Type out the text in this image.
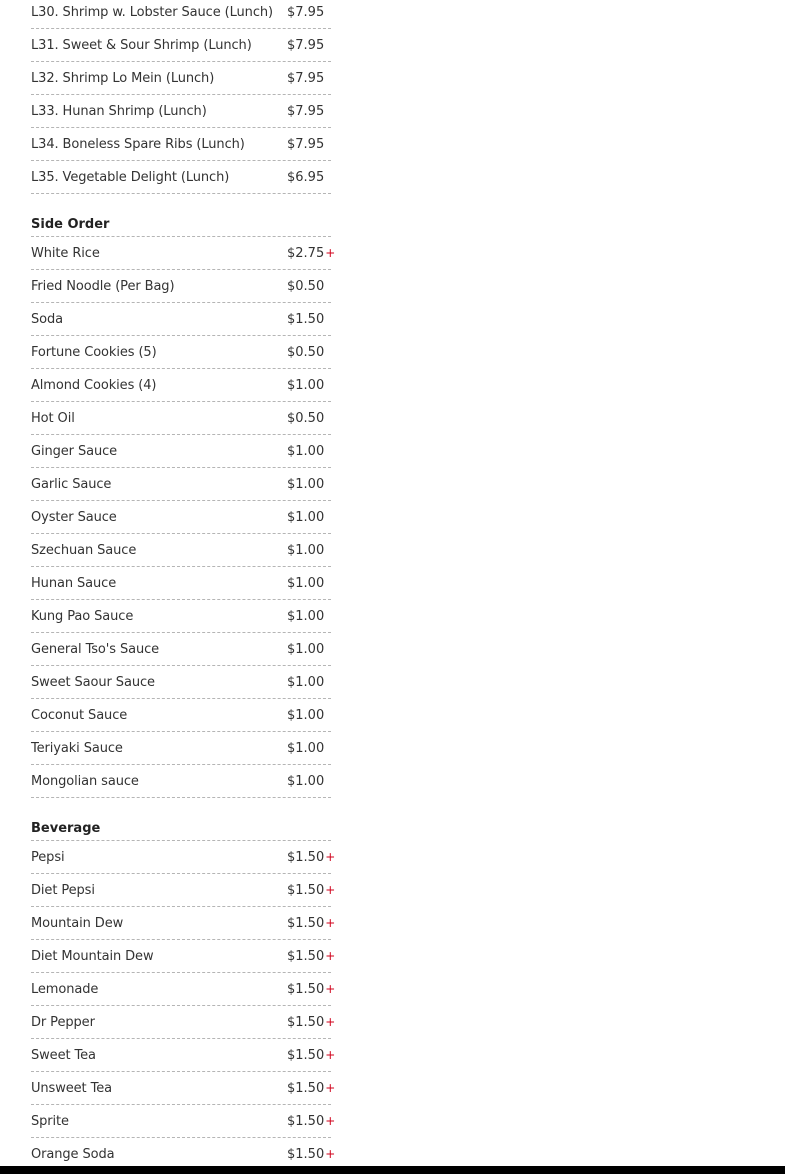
L30. Shrimp w. Lobster Sauce (Lunch) $7.95
L31. Sweet & Sour Shrimp (Lunch)	$7.95
L32. Shrimp Lo Mein (Lunch)	$7.95
L33. Hunan Shrimp (Lunch)	$7.95
L34. Boneless Spare Ribs (Lunch)	$7.95
L35. Vegetable Delight (Lunch)	$6.95
Side Order
White Rice	$2.75 +
Fried Noodle (Per Bag)	$0.50
Soda	$1.50
Fortune Cookies (5)	$0.50
Almond Cookies (4)	$1.00
Hot Oil	$0.50
Ginger Sauce	$1.00
Garlic Sauce	$1.00
Oyster Sauce	$1.00
Szechuan Sauce	$1.00
Hunan Sauce	$1.00
Kung Pao Sauce	$1.00
General Tso's Sauce	$1.00
Sweet Saour Sauce	$1.00
Coconut Sauce	$1.00
Teriyaki Sauce	$1.00
Mongolian sauce	$1.00
Beverage
Pepsi	$1.50 +
Diet Pepsi	$1.50 +
Mountain Dew	$1.50 +
Diet Mountain Dew	$1.50 +
Lemonade	$1.50 +
Dr Pepper	$1.50 +
Sweet Tea	$1.50 +
Unsweet Tea	$1.50 +
Sprite	$1.50 +
Orange Soda	$1.50 +
